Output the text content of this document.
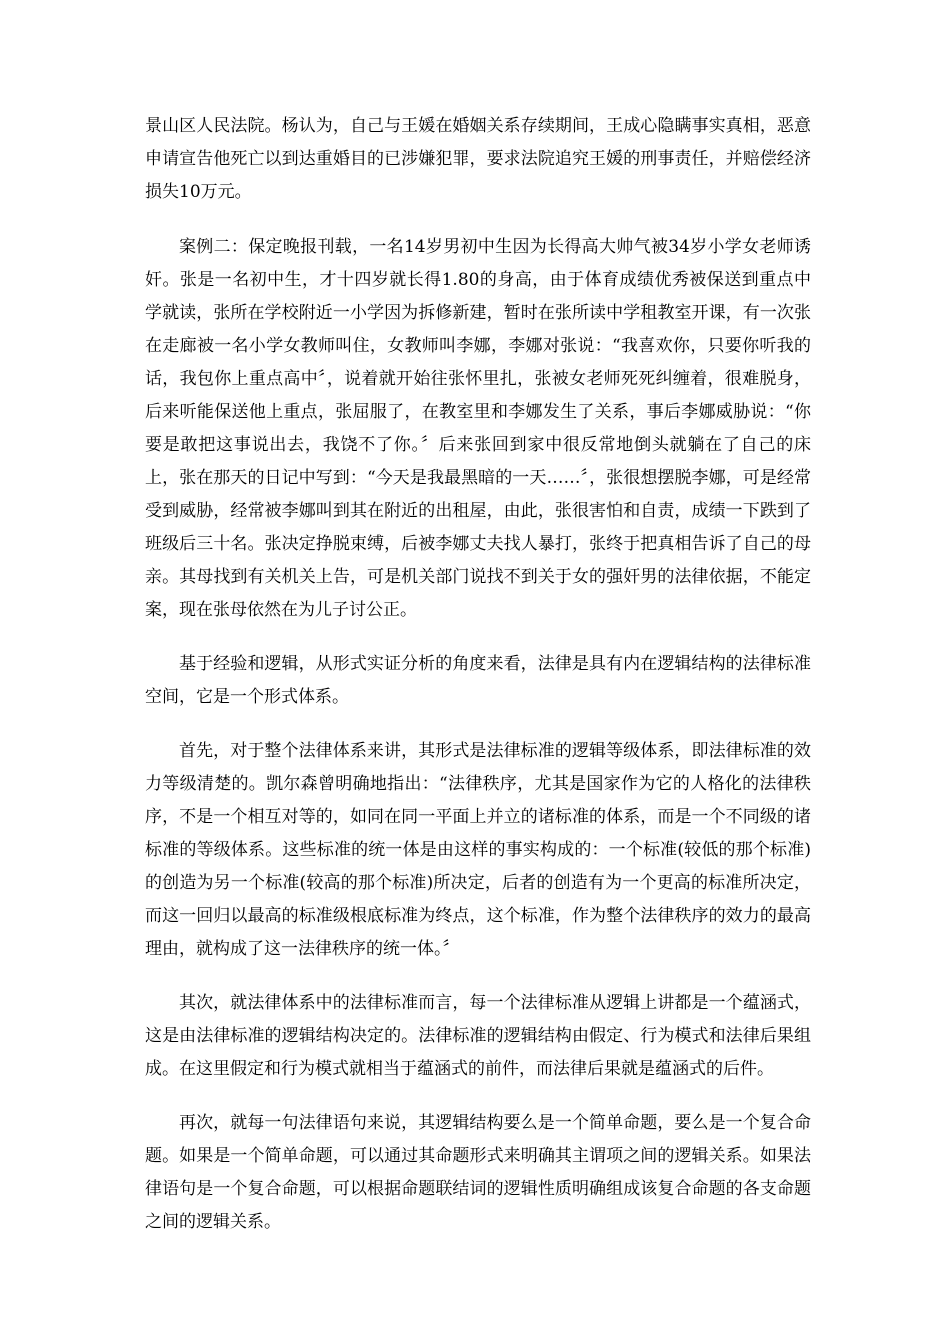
景山区人民法院。杨认为，自己与王媛在婚姻关系存续期间，王成心隐瞒事实真相，恶意申请宣告他死亡以到达重婚目的已涉嫌犯罪，要求法院追究王媛的刑事责任，并赔偿经济损失10万元。

案例二：保定晚报刊载，一名14岁男初中生因为长得高大帅气被34岁小学女老师诱奸。张是一名初中生，才十四岁就长得1.80的身高，由于体育成绩优秀被保送到重点中学就读，张所在学校附近一小学因为拆修新建，暂时在张所读中学租教室开课，有一次张在走廊被一名小学女教师叫住，女教师叫李娜，李娜对张说：“我喜欢你，只要你听我的话，我包你上重点高中〞，说着就开始往张怀里扎，张被女老师死死纠缠着，很难脱身，后来听能保送他上重点，张屈服了，在教室里和李娜发生了关系，事后李娜威胁说：“你要是敢把这事说出去，我饶不了你。〞后来张回到家中很反常地倒头就躺在了自己的床上，张在那天的日记中写到：“今天是我最黑暗的一天……〞，张很想摆脱李娜，可是经常受到威胁，经常被李娜叫到其在附近的出租屋，由此，张很害怕和自责，成绩一下跌到了班级后三十名。张决定挣脱束缚，后被李娜丈夫找人暴打，张终于把真相告诉了自己的母亲。其母找到有关机关上告，可是机关部门说找不到关于女的强奸男的法律依据，不能定案，现在张母依然在为儿子讨公正。

基于经验和逻辑，从形式实证分析的角度来看，法律是具有内在逻辑结构的法律标准空间，它是一个形式体系。

首先，对于整个法律体系来讲，其形式是法律标准的逻辑等级体系，即法律标准的效力等级清楚的。凯尔森曾明确地指出：“法律秩序，尤其是国家作为它的人格化的法律秩序，不是一个相互对等的，如同在同一平面上并立的诸标准的体系，而是一个不同级的诸标准的等级体系。这些标准的统一体是由这样的事实构成的：一个标准(较低的那个标准)的创造为另一个标准(较高的那个标准)所决定，后者的创造有为一个更高的标准所决定，而这一回归以最高的标准级根底标准为终点，这个标准，作为整个法律秩序的效力的最高理由，就构成了这一法律秩序的统一体。〞

其次，就法律体系中的法律标准而言，每一个法律标准从逻辑上讲都是一个蕴涵式，这是由法律标准的逻辑结构决定的。法律标准的逻辑结构由假定、行为模式和法律后果组成。在这里假定和行为模式就相当于蕴涵式的前件，而法律后果就是蕴涵式的后件。

再次，就每一句法律语句来说，其逻辑结构要么是一个简单命题，要么是一个复合命题。如果是一个简单命题，可以通过其命题形式来明确其主谓项之间的逻辑关系。如果法律语句是一个复合命题，可以根据命题联结词的逻辑性质明确组成该复合命题的各支命题之间的逻辑关系。
